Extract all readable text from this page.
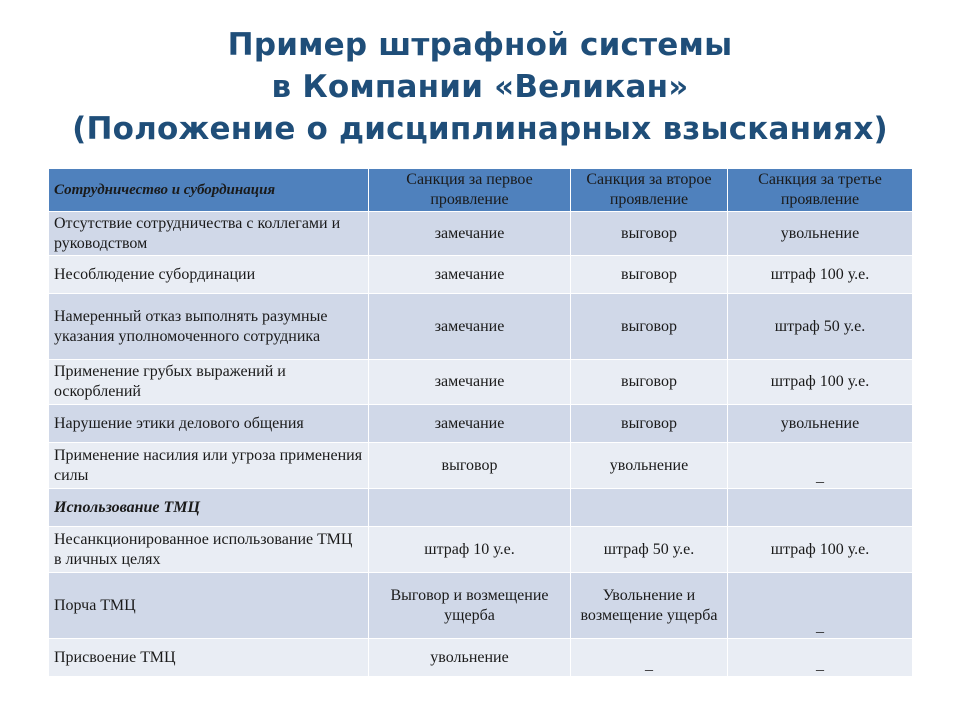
Пример штрафной системы
в Компании «Великан»
(Положение о дисциплинарных взысканиях)
Сотрудничество и субординация	Санкция за первое проявление	Санкция за второе проявление	Санкция за третье проявление
Отсутствие сотрудничества с коллегами и руководством	замечание	выговор	увольнение
Несоблюдение субординации	замечание	выговор	штраф 100 у.е.
Намеренный отказ выполнять разумные указания уполномоченного сотрудника	замечание	выговор	штраф 50 у.е.
Применение грубых выражений и оскорблений	замечание	выговор	штраф 100 у.е.
Нарушение этики делового общения	замечание	выговор	увольнение
Применение насилия или угроза применения силы	выговор	увольнение	_
Использование ТМЦ			
Несанкционированное использование ТМЦ в личных целях	штраф 10 у.е.	штраф 50 у.е.	штраф 100 у.е.
Порча ТМЦ	Выговор и возмещение ущерба	Увольнение и возмещение ущерба	_
Присвоение ТМЦ	увольнение	_	_
